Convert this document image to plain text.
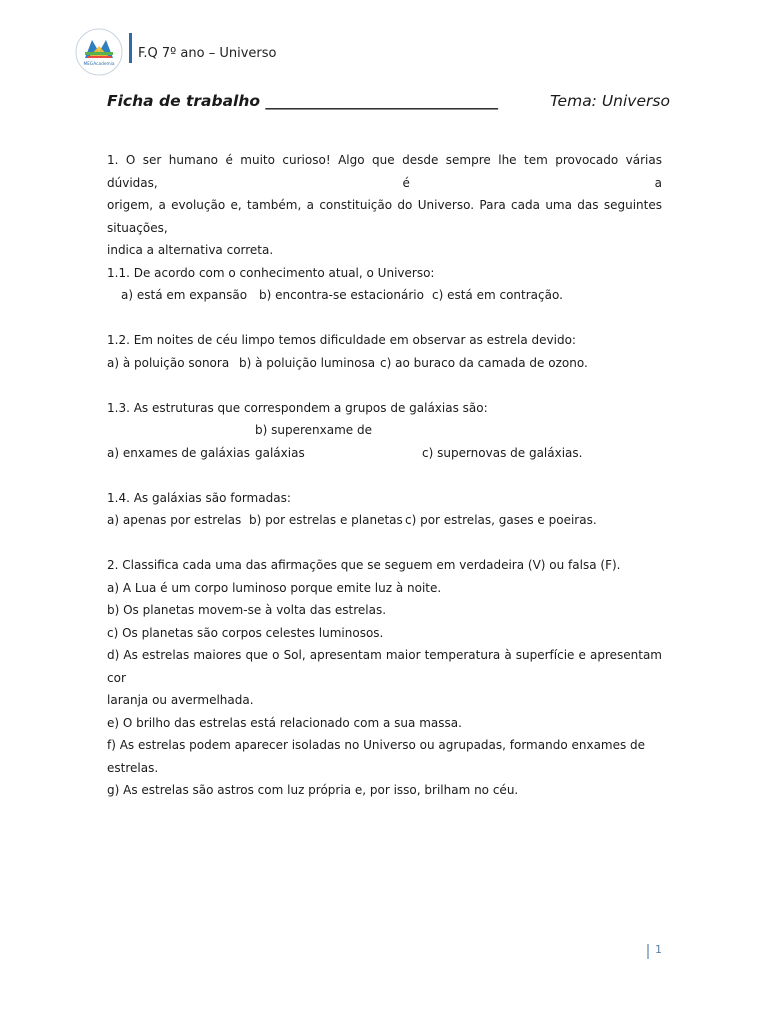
MEGAcademia
F.Q 7º ano – Universo
Ficha de trabalho ______________________________	Tema: Universo

1. O ser humano é muito curioso! Algo que desde sempre lhe tem provocado várias dúvidas, é a

origem, a evolução e, também, a constituição do Universo. Para cada uma das seguintes situações,

indica a alternativa correta.

1.1. De acordo com o conhecimento atual, o Universo:

a) está em expansão b) encontra-se estacionário c) está em contração.

1.2. Em noites de céu limpo temos dificuldade em observar as estrela devido:

a) à poluição sonora b) à poluição luminosa c) ao buraco da camada de ozono.

1.3. As estruturas que correspondem a grupos de galáxias são:

a) enxames de galáxiasb) superenxame de galáxias	c) supernovas de galáxias.

1.4. As galáxias são formadas:

a) apenas por estrelas b) por estrelas e planetas c) por estrelas, gases e poeiras.

2. Classifica cada uma das afirmações que se seguem em verdadeira (V) ou falsa (F).

a) A Lua é um corpo luminoso porque emite luz à noite.

b) Os planetas movem-se à volta das estrelas.

c) Os planetas são corpos celestes luminosos.

d) As estrelas maiores que o Sol, apresentam maior temperatura à superfície e apresentam cor

laranja ou avermelhada.

e) O brilho das estrelas está relacionado com a sua massa.

f) As estrelas podem aparecer isoladas no Universo ou agrupadas, formando enxames de estrelas.

g) As estrelas são astros com luz própria e, por isso, brilham no céu.

1
